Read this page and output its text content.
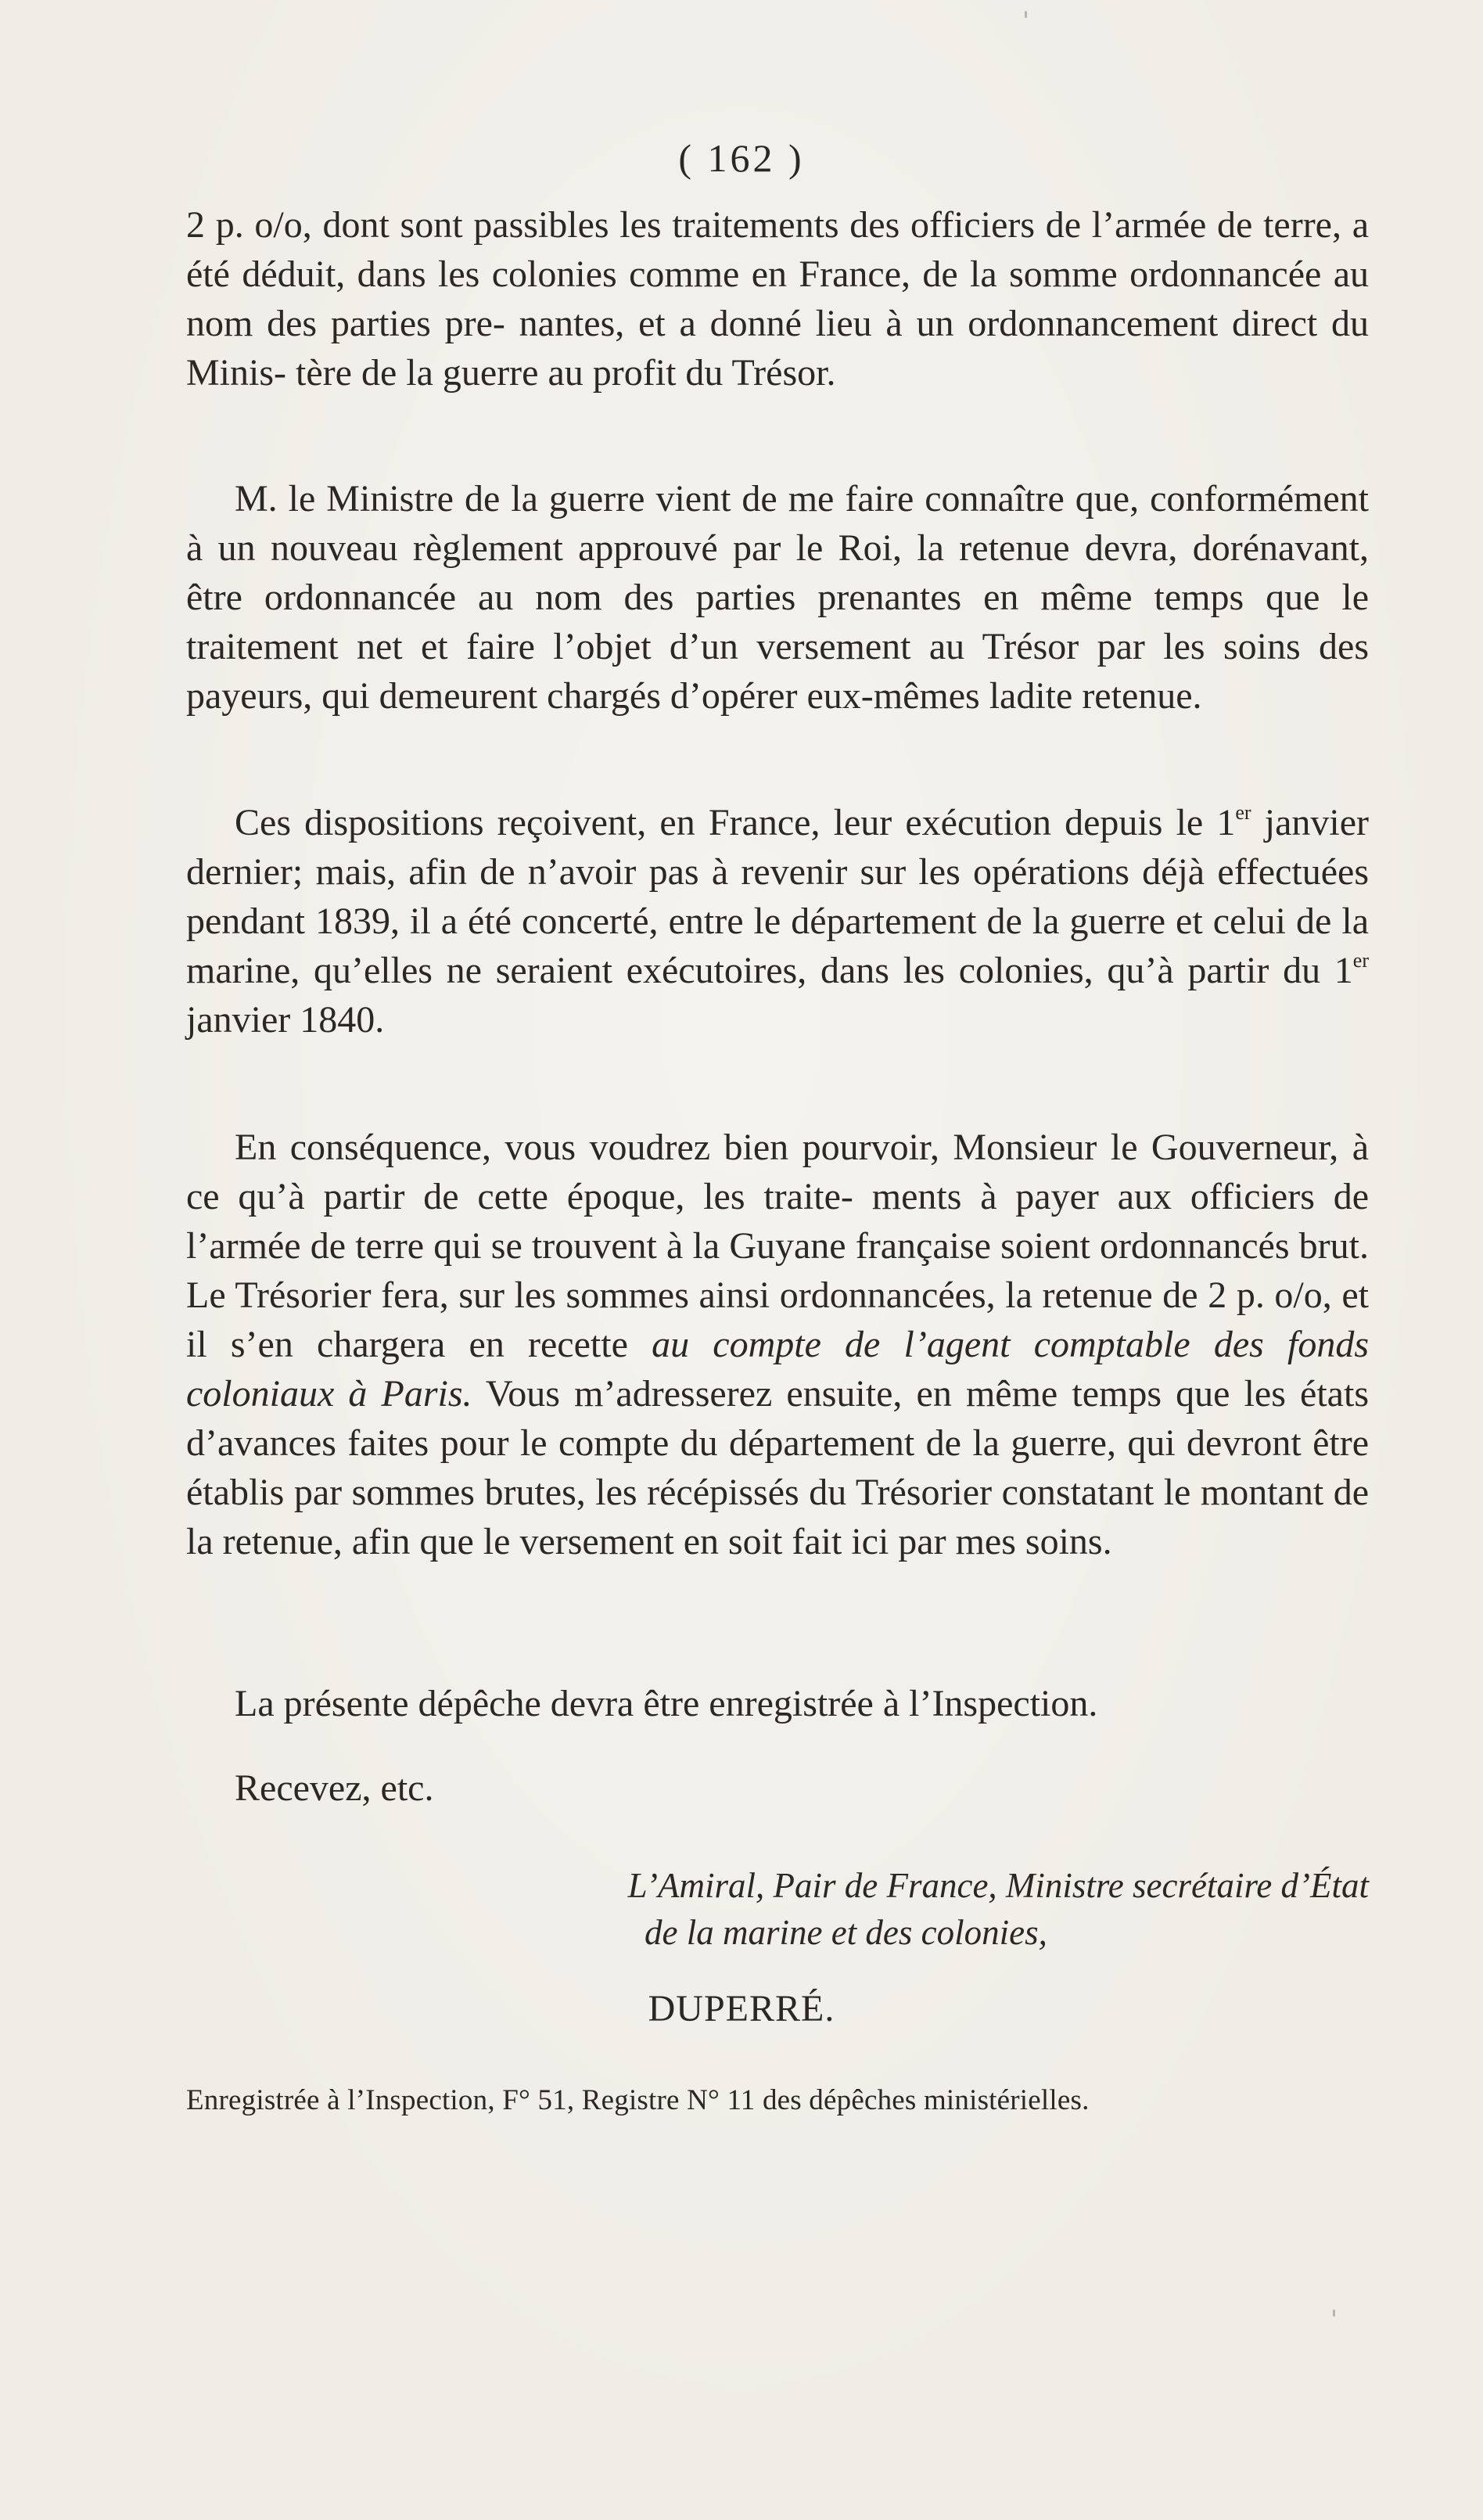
( 162 )

2 p. o/o, dont sont passibles les traitements des officiers de l’armée de terre, a été déduit, dans les colonies comme en France, de la somme ordonnancée au nom des parties pre- nantes, et a donné lieu à un ordonnancement direct du Minis- tère de la guerre au profit du Trésor.

M. le Ministre de la guerre vient de me faire connaître que, conformément à un nouveau règlement approuvé par le Roi, la retenue devra, dorénavant, être ordonnancée au nom des parties prenantes en même temps que le traitement net et faire l’objet d’un versement au Trésor par les soins des payeurs, qui demeurent chargés d’opérer eux-mêmes ladite retenue.

Ces dispositions reçoivent, en France, leur exécution depuis le 1er janvier dernier; mais, afin de n’avoir pas à revenir sur les opérations déjà effectuées pendant 1839, il a été concerté, entre le département de la guerre et celui de la marine, qu’elles ne seraient exécutoires, dans les colonies, qu’à partir du 1er janvier 1840.

En conséquence, vous voudrez bien pourvoir, Monsieur le Gouverneur, à ce qu’à partir de cette époque, les traite- ments à payer aux officiers de l’armée de terre qui se trouvent à la Guyane française soient ordonnancés brut. Le Trésorier fera, sur les sommes ainsi ordonnancées, la retenue de 2 p. o/o, et il s’en chargera en recette au compte de l’agent comptable des fonds coloniaux à Paris. Vous m’adresserez ensuite, en même temps que les états d’avances faites pour le compte du département de la guerre, qui devront être établis par sommes brutes, les récépissés du Trésorier constatant le montant de la retenue, afin que le versement en soit fait ici par mes soins.

La présente dépêche devra être enregistrée à l’Inspection.

Recevez, etc.

L’Amiral, Pair de France, Ministre secrétaire d’État
de la marine et des colonies,
DUPERRÉ.
Enregistrée à l’Inspection, F° 51, Registre N° 11 des dépêches ministérielles.
